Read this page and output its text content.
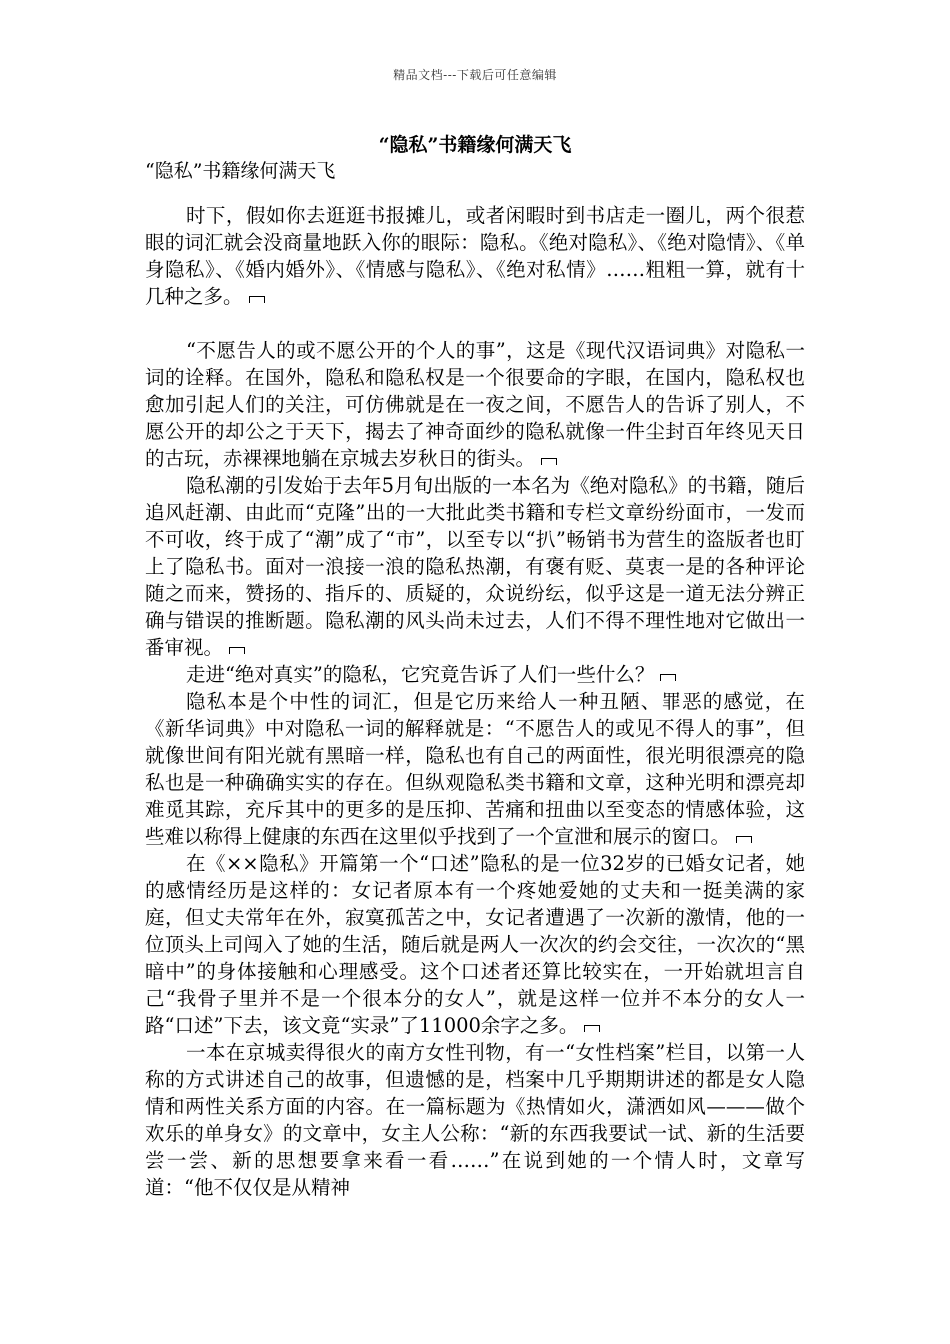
精品文档---下载后可任意编辑
“隐私”书籍缘何满天飞
“隐私”书籍缘何满天飞

时下，假如你去逛逛书报摊儿，或者闲暇时到书店走一圈儿，两个很惹眼的词汇就会没商量地跃入你的眼际：隐私。《绝对隐私》、《绝对隐情》、《单身隐私》、《婚内婚外》、《情感与隐私》、《绝对私情》……粗粗一算，就有十几种之多。

“不愿告人的或不愿公开的个人的事”，这是《现代汉语词典》对隐私一词的诠释。在国外，隐私和隐私权是一个很要命的字眼，在国内，隐私权也愈加引起人们的关注，可仿佛就是在一夜之间，不愿告人的告诉了别人，不愿公开的却公之于天下，揭去了神奇面纱的隐私就像一件尘封百年终见天日的古玩，赤裸裸地躺在京城去岁秋日的街头。

隐私潮的引发始于去年5月旬出版的一本名为《绝对隐私》的书籍，随后追风赶潮、由此而“克隆”出的一大批此类书籍和专栏文章纷纷面市，一发而不可收，终于成了“潮”成了“市”，以至专以“扒”畅销书为营生的盗版者也盯上了隐私书。面对一浪接一浪的隐私热潮，有褒有贬、莫衷一是的各种评论随之而来，赞扬的、指斥的、质疑的，众说纷纭，似乎这是一道无法分辨正确与错误的推断题。隐私潮的风头尚未过去，人们不得不理性地对它做出一番审视。

走进“绝对真实”的隐私，它究竟告诉了人们一些什么？

隐私本是个中性的词汇，但是它历来给人一种丑陋、罪恶的感觉，在《新华词典》中对隐私一词的解释就是：“不愿告人的或见不得人的事”，但就像世间有阳光就有黑暗一样，隐私也有自己的两面性，很光明很漂亮的隐私也是一种确确实实的存在。但纵观隐私类书籍和文章，这种光明和漂亮却难觅其踪，充斥其中的更多的是压抑、苦痛和扭曲以至变态的情感体验，这些难以称得上健康的东西在这里似乎找到了一个宣泄和展示的窗口。

在《××隐私》开篇第一个“口述”隐私的是一位32岁的已婚女记者，她的感情经历是这样的：女记者原本有一个疼她爱她的丈夫和一挺美满的家庭，但丈夫常年在外，寂寞孤苦之中，女记者遭遇了一次新的激情，他的一位顶头上司闯入了她的生活，随后就是两人一次次的约会交往，一次次的“黑暗中”的身体接触和心理感受。这个口述者还算比较实在，一开始就坦言自己“我骨子里并不是一个很本分的女人”，就是这样一位并不本分的女人一路“口述”下去，该文竟“实录”了11000余字之多。

一本在京城卖得很火的南方女性刊物，有一“女性档案”栏目，以第一人称的方式讲述自己的故事，但遗憾的是，档案中几乎期期讲述的都是女人隐情和两性关系方面的内容。在一篇标题为《热情如火，潇洒如风———做个欢乐的单身女》的文章中，女主人公称：“新的东西我要试一试、新的生活要尝一尝、新的思想要拿来看一看……”在说到她的一个情人时，文章写道：“他不仅仅是从精神
